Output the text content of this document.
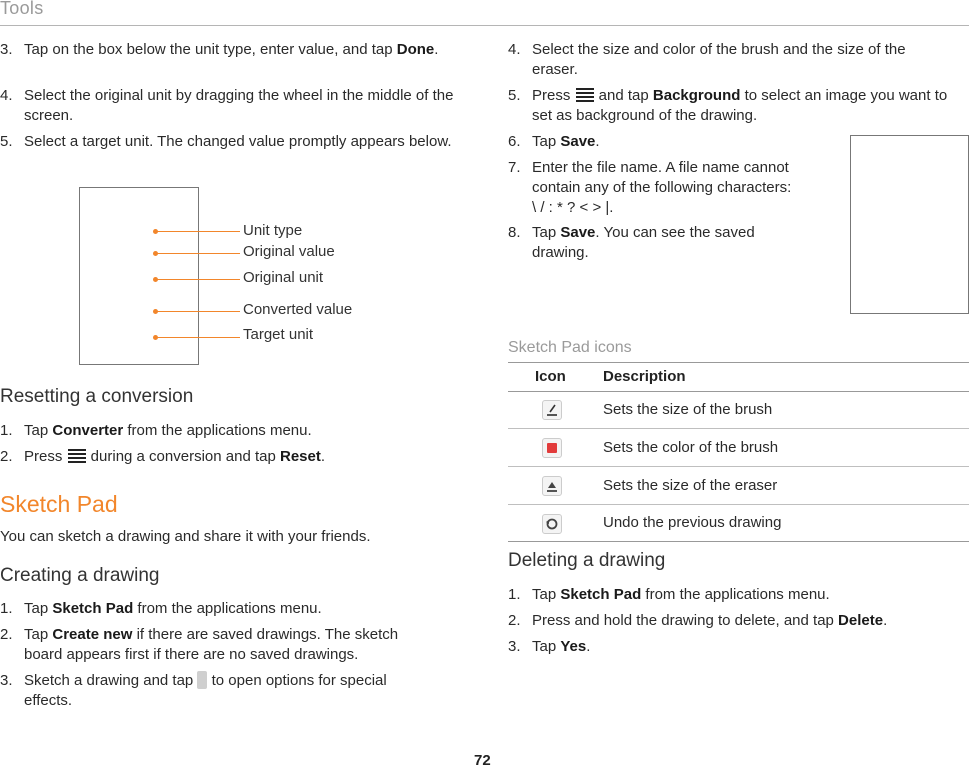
Tools
3. Tap on the box below the unit type, enter value, and tap Done.
4. Select the original unit by dragging the wheel in the middle of the screen.
5. Select a target unit. The changed value promptly appears below.
Unit type
Original value
Original unit
Converted value
Target unit
Resetting a conversion
1. Tap Converter from the applications menu.
2. Press  during a conversion and tap Reset.
Sketch Pad
You can sketch a drawing and share it with your friends.
Creating a drawing
1. Tap Sketch Pad from the applications menu.
2. Tap Create new if there are saved drawings. The sketch board appears first if there are no saved drawings.
3. Sketch a drawing and tap  to open options for special effects.
4. Select the size and color of the brush and the size of the eraser.
5. Press  and tap Background to select an image you want to set as background of the drawing.
6. Tap Save.
7. Enter the file name. A file name cannot contain any of the following characters: \ / : * ? < > |.
8. Tap Save. You can see the saved drawing.
Sketch Pad icons
Icon Description
Sets the size of the brush
Sets the color of the brush
Sets the size of the eraser
Undo the previous drawing
Deleting a drawing
1. Tap Sketch Pad from the applications menu.
2. Press and hold the drawing to delete, and tap Delete.
3. Tap Yes.
72
